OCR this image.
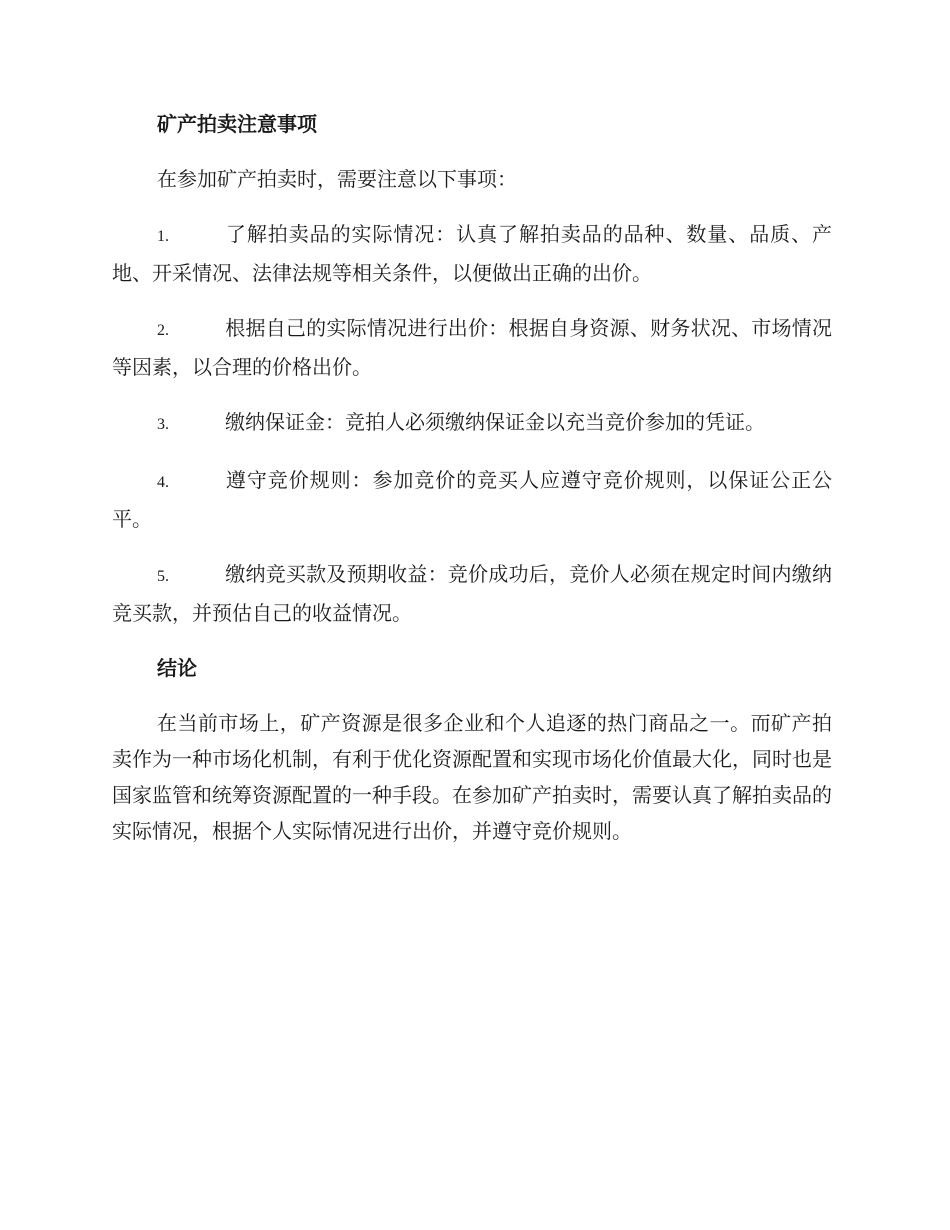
矿产拍卖注意事项

在参加矿产拍卖时，需要注意以下事项：

1.	了解拍卖品的实际情况：认真了解拍卖品的品种、数量、品质、产地、开采情况、法律法规等相关条件，以便做出正确的出价。

2.	根据自己的实际情况进行出价：根据自身资源、财务状况、市场情况等因素，以合理的价格出价。

3.	缴纳保证金：竞拍人必须缴纳保证金以充当竞价参加的凭证。

4.	遵守竞价规则：参加竞价的竞买人应遵守竞价规则，以保证公正公平。

5.	缴纳竞买款及预期收益：竞价成功后，竞价人必须在规定时间内缴纳竞买款，并预估自己的收益情况。

结论

在当前市场上，矿产资源是很多企业和个人追逐的热门商品之一。而矿产拍卖作为一种市场化机制，有利于优化资源配置和实现市场化价值最大化，同时也是国家监管和统筹资源配置的一种手段。在参加矿产拍卖时，需要认真了解拍卖品的实际情况，根据个人实际情况进行出价，并遵守竞价规则。
